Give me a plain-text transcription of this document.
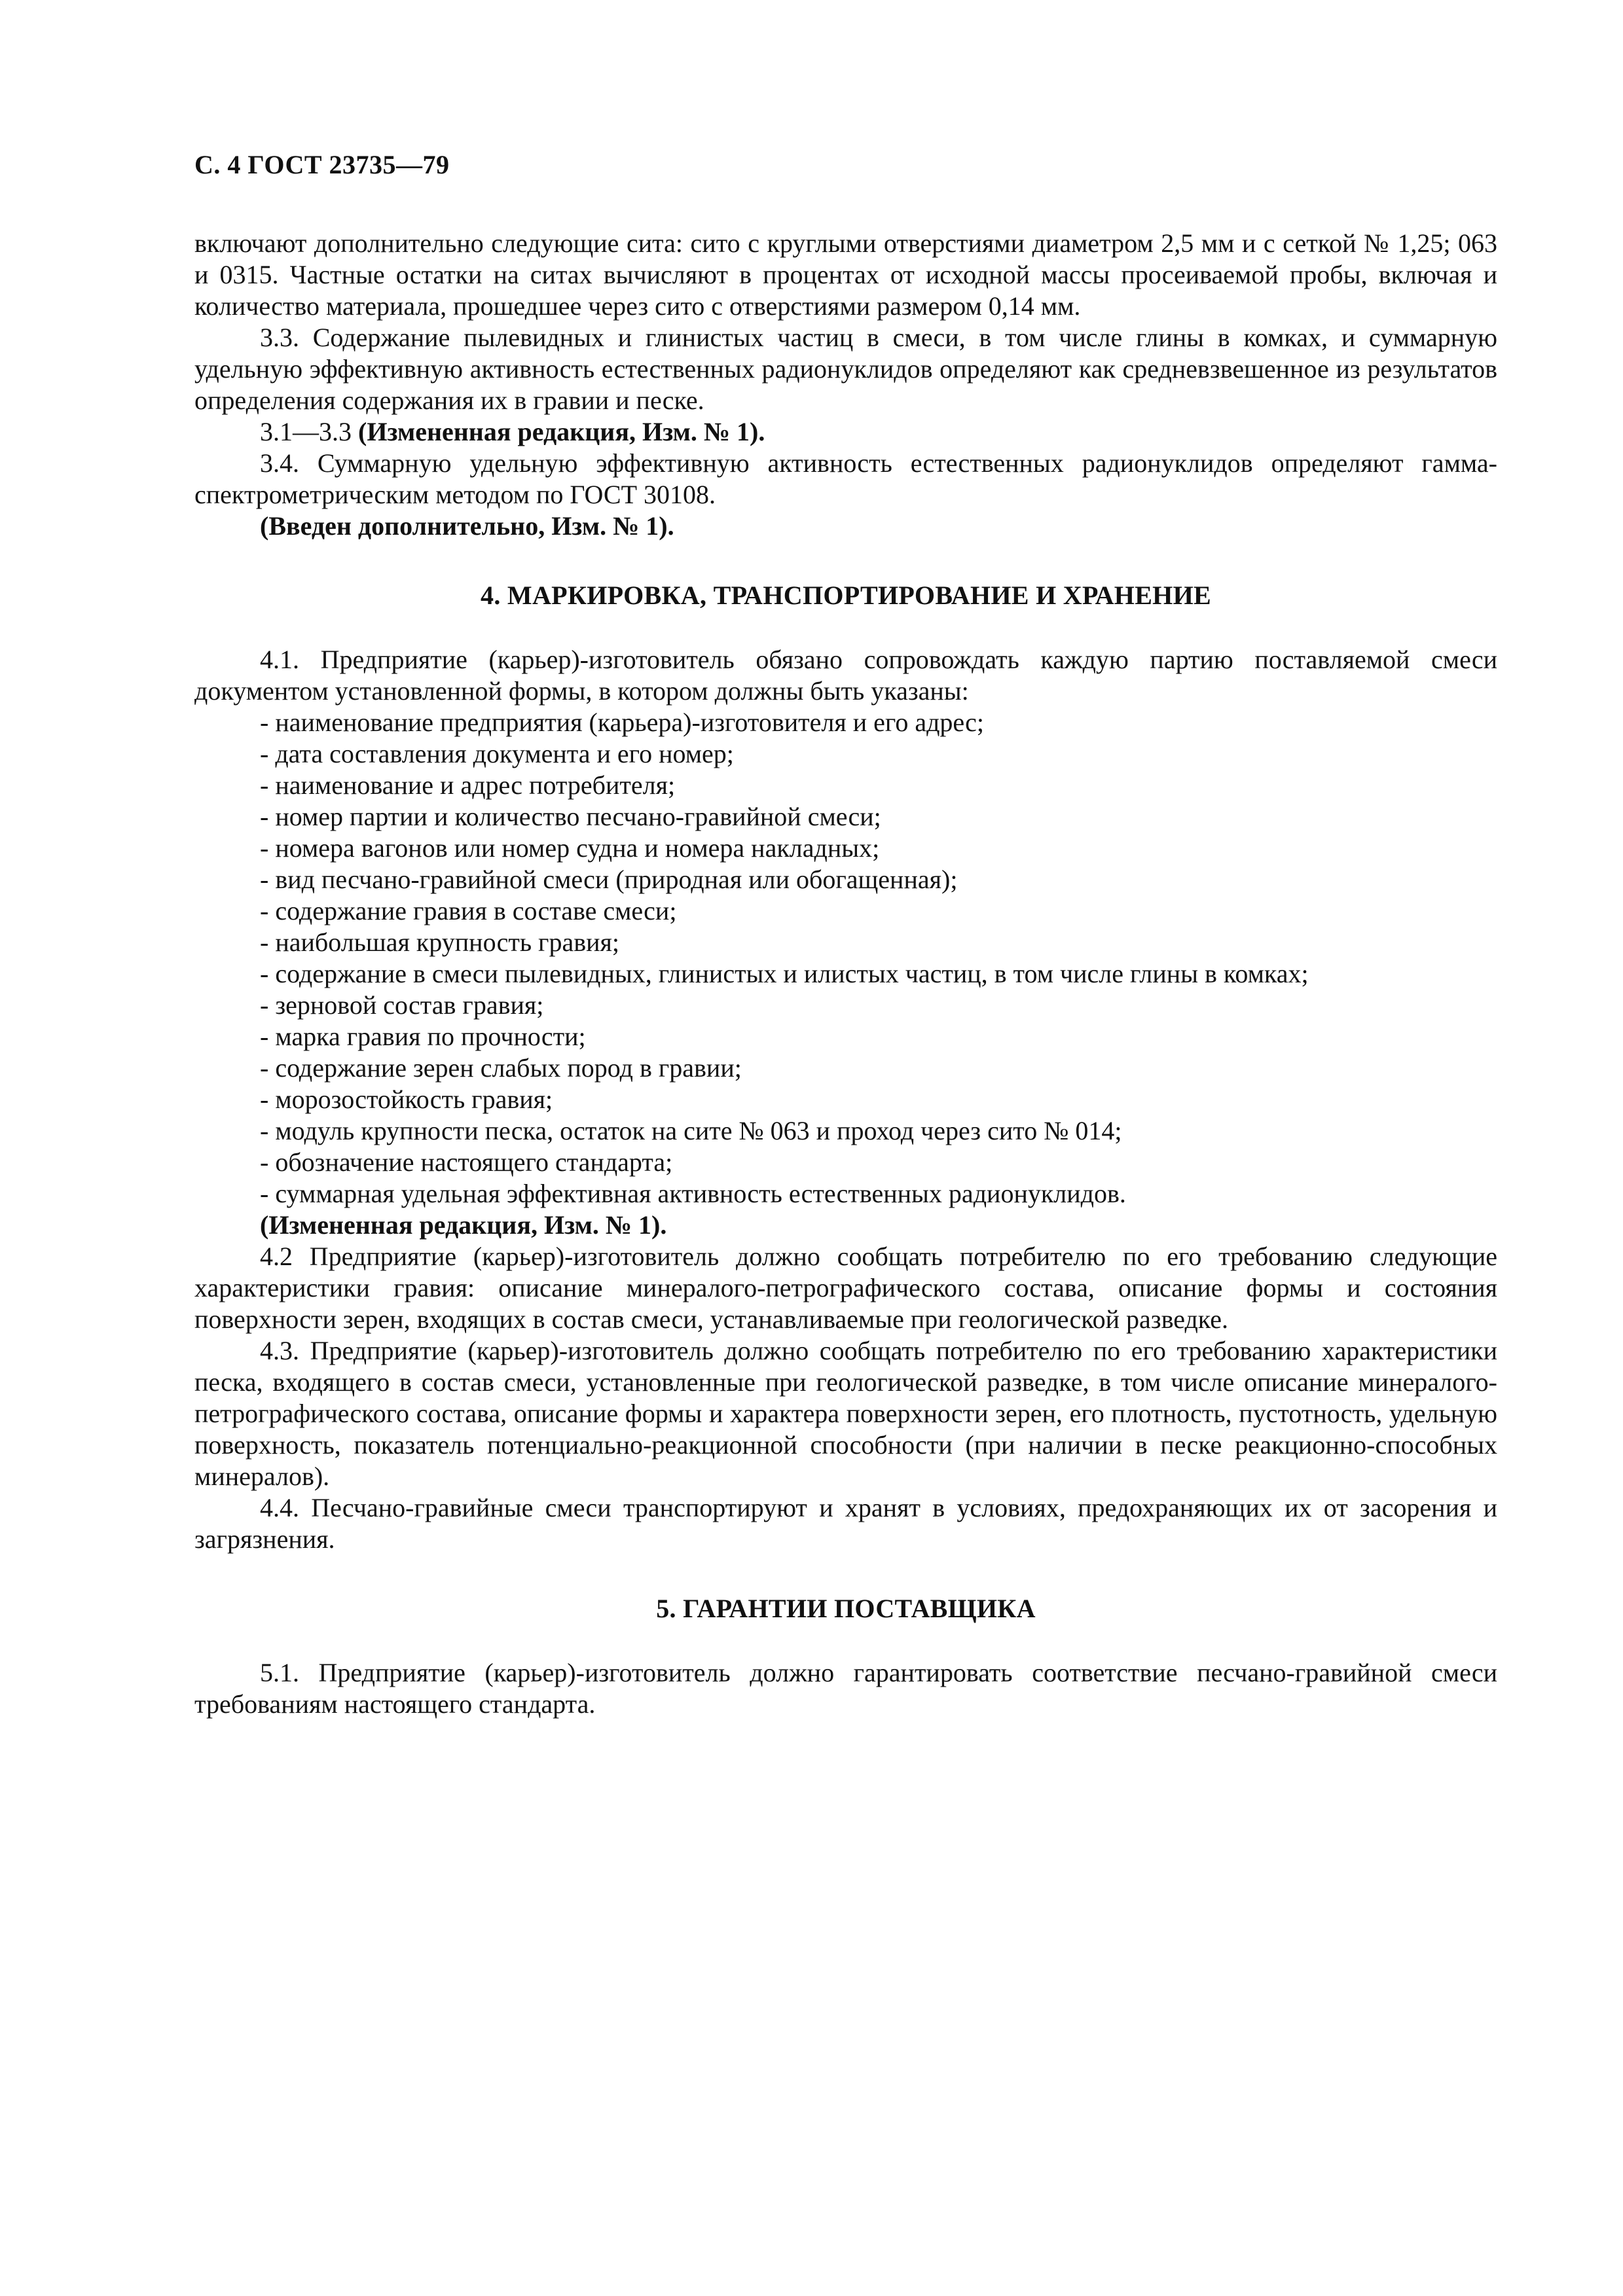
С. 4 ГОСТ 23735—79

включают дополнительно следующие сита: сито с круглыми отверстиями диаметром 2,5 мм и с сеткой № 1,25; 063 и 0315. Частные остатки на ситах вычисляют в процентах от исходной массы просеиваемой пробы, включая и количество материала, прошедшее через сито с отверстиями размером 0,14 мм.

3.3. Содержание пылевидных и глинистых частиц в смеси, в том числе глины в комках, и суммарную удельную эффективную активность естественных радионуклидов определяют как средневзвешенное из результатов определения содержания их в гравии и песке.

3.1—3.3 (Измененная редакция, Изм. № 1).

3.4. Суммарную удельную эффективную активность естественных радионуклидов определяют гамма-спектрометрическим методом по ГОСТ 30108.

(Введен дополнительно, Изм. № 1).

4. МАРКИРОВКА, ТРАНСПОРТИРОВАНИЕ И ХРАНЕНИЕ

4.1. Предприятие (карьер)-изготовитель обязано сопровождать каждую партию поставляемой смеси документом установленной формы, в котором должны быть указаны:

- наименование предприятия (карьера)-изготовителя и его адрес;

- дата составления документа и его номер;

- наименование и адрес потребителя;

- номер партии и количество песчано-гравийной смеси;

- номера вагонов или номер судна и номера накладных;

- вид песчано-гравийной смеси (природная или обогащенная);

- содержание гравия в составе смеси;

- наибольшая крупность гравия;

- содержание в смеси пылевидных, глинистых и илистых частиц, в том числе глины в комках;

- зерновой состав гравия;

- марка гравия по прочности;

- содержание зерен слабых пород в гравии;

- морозостойкость гравия;

- модуль крупности песка, остаток на сите № 063 и проход через сито № 014;

- обозначение настоящего стандарта;

- суммарная удельная эффективная активность естественных радионуклидов.

(Измененная редакция, Изм. № 1).

4.2 Предприятие (карьер)-изготовитель должно сообщать потребителю по его требованию следующие характеристики гравия: описание минералого-петрографического состава, описание формы и состояния поверхности зерен, входящих в состав смеси, устанавливаемые при геологической разведке.

4.3. Предприятие (карьер)-изготовитель должно сообщать потребителю по его требованию характеристики песка, входящего в состав смеси, установленные при геологической разведке, в том числе описание минералого-петрографического состава, описание формы и характера поверхности зерен, его плотность, пустотность, удельную поверхность, показатель потенциально-реакционной способности (при наличии в песке реакционно-способных минералов).

4.4. Песчано-гравийные смеси транспортируют и хранят в условиях, предохраняющих их от засорения и загрязнения.

5. ГАРАНТИИ ПОСТАВЩИКА

5.1. Предприятие (карьер)-изготовитель должно гарантировать соответствие песчано-гравийной смеси требованиям настоящего стандарта.
